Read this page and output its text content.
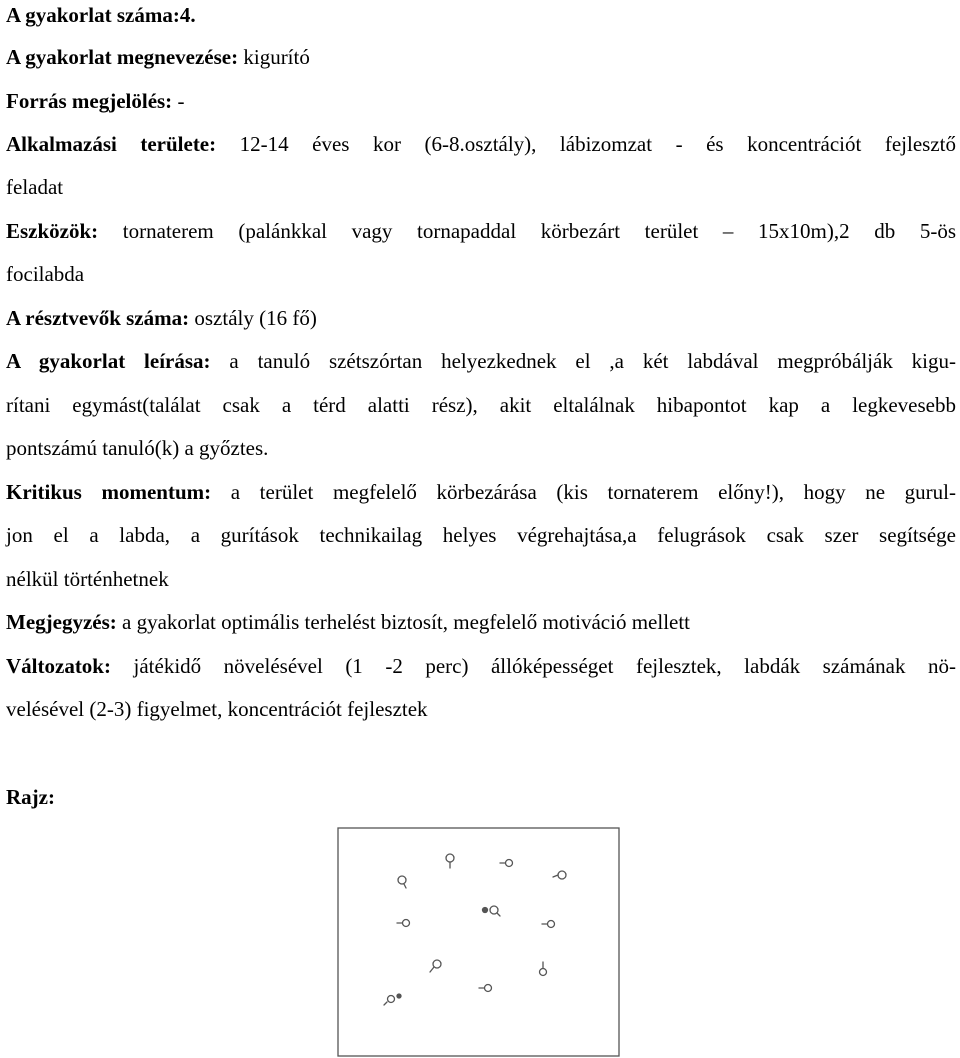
A gyakorlat száma:4.
A gyakorlat megnevezése: kigurító
Forrás megjelölés: -
Alkalmazási területe: 12-14 éves kor (6-8.osztály), lábizomzat - és koncentrációt fejlesztő
feladat
Eszközök: tornaterem (palánkkal vagy tornapaddal körbezárt terület – 15x10m),2 db 5-ös
focilabda
A résztvevők száma: osztály (16 fő)
A gyakorlat leírása: a tanuló szétszórtan helyezkednek el ,a két labdával megpróbálják kigu-
rítani egymást(találat csak a térd alatti rész), akit eltalálnak hibapontot kap a legkevesebb
pontszámú tanuló(k) a győztes.
Kritikus momentum: a terület megfelelő körbezárása (kis tornaterem előny!), hogy ne gurul-
jon el a labda, a gurítások technikailag helyes végrehajtása,a felugrások csak szer segítsége
nélkül történhetnek
Megjegyzés: a gyakorlat optimális terhelést biztosít, megfelelő motiváció mellett
Változatok: játékidő növelésével (1 -2 perc) állóképességet fejlesztek, labdák számának nö-
velésével (2-3) figyelmet, koncentrációt fejlesztek
Rajz:
